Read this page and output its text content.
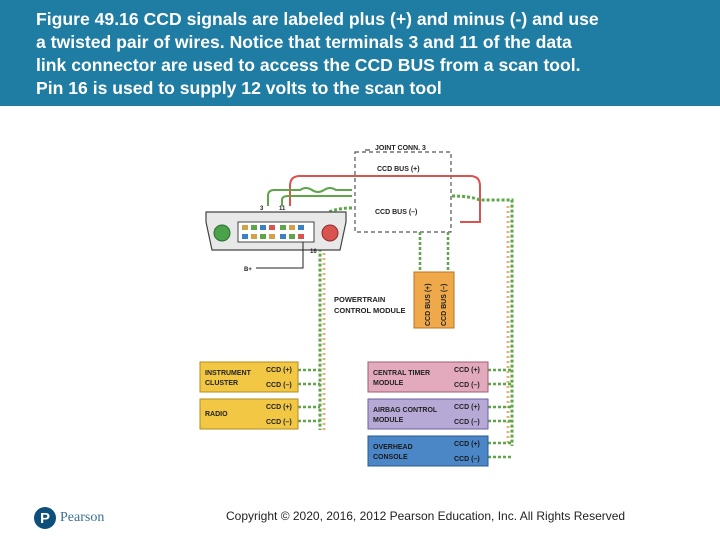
Figure 49.16 CCD signals are labeled plus (+) and minus (-) and use
a twisted pair of wires. Notice that terminals 3 and 11 of the data
link connector are used to access the CCD BUS from a scan tool.
Pin 16 is used to supply 12 volts to the scan tool
JOINT CONN. 3
CCD BUS (+)
CCD BUS (–)
3	11
16
B+
CCD BUS (+) CCD BUS (–)
POWERTRAIN
CONTROL MODULE
INSTRUMENT
CLUSTER
CCD (+)
CCD (–)
RADIO
CCD (+)
CCD (–)
CENTRAL TIMER
MODULE
CCD (+)
CCD (–)
AIRBAG CONTROL
MODULE
CCD (+)
CCD (–)
OVERHEAD
CONSOLE
CCD (+)
CCD (–)
P Pearson	Copyright © 2020, 2016, 2012 Pearson Education, Inc. All Rights Reserved
